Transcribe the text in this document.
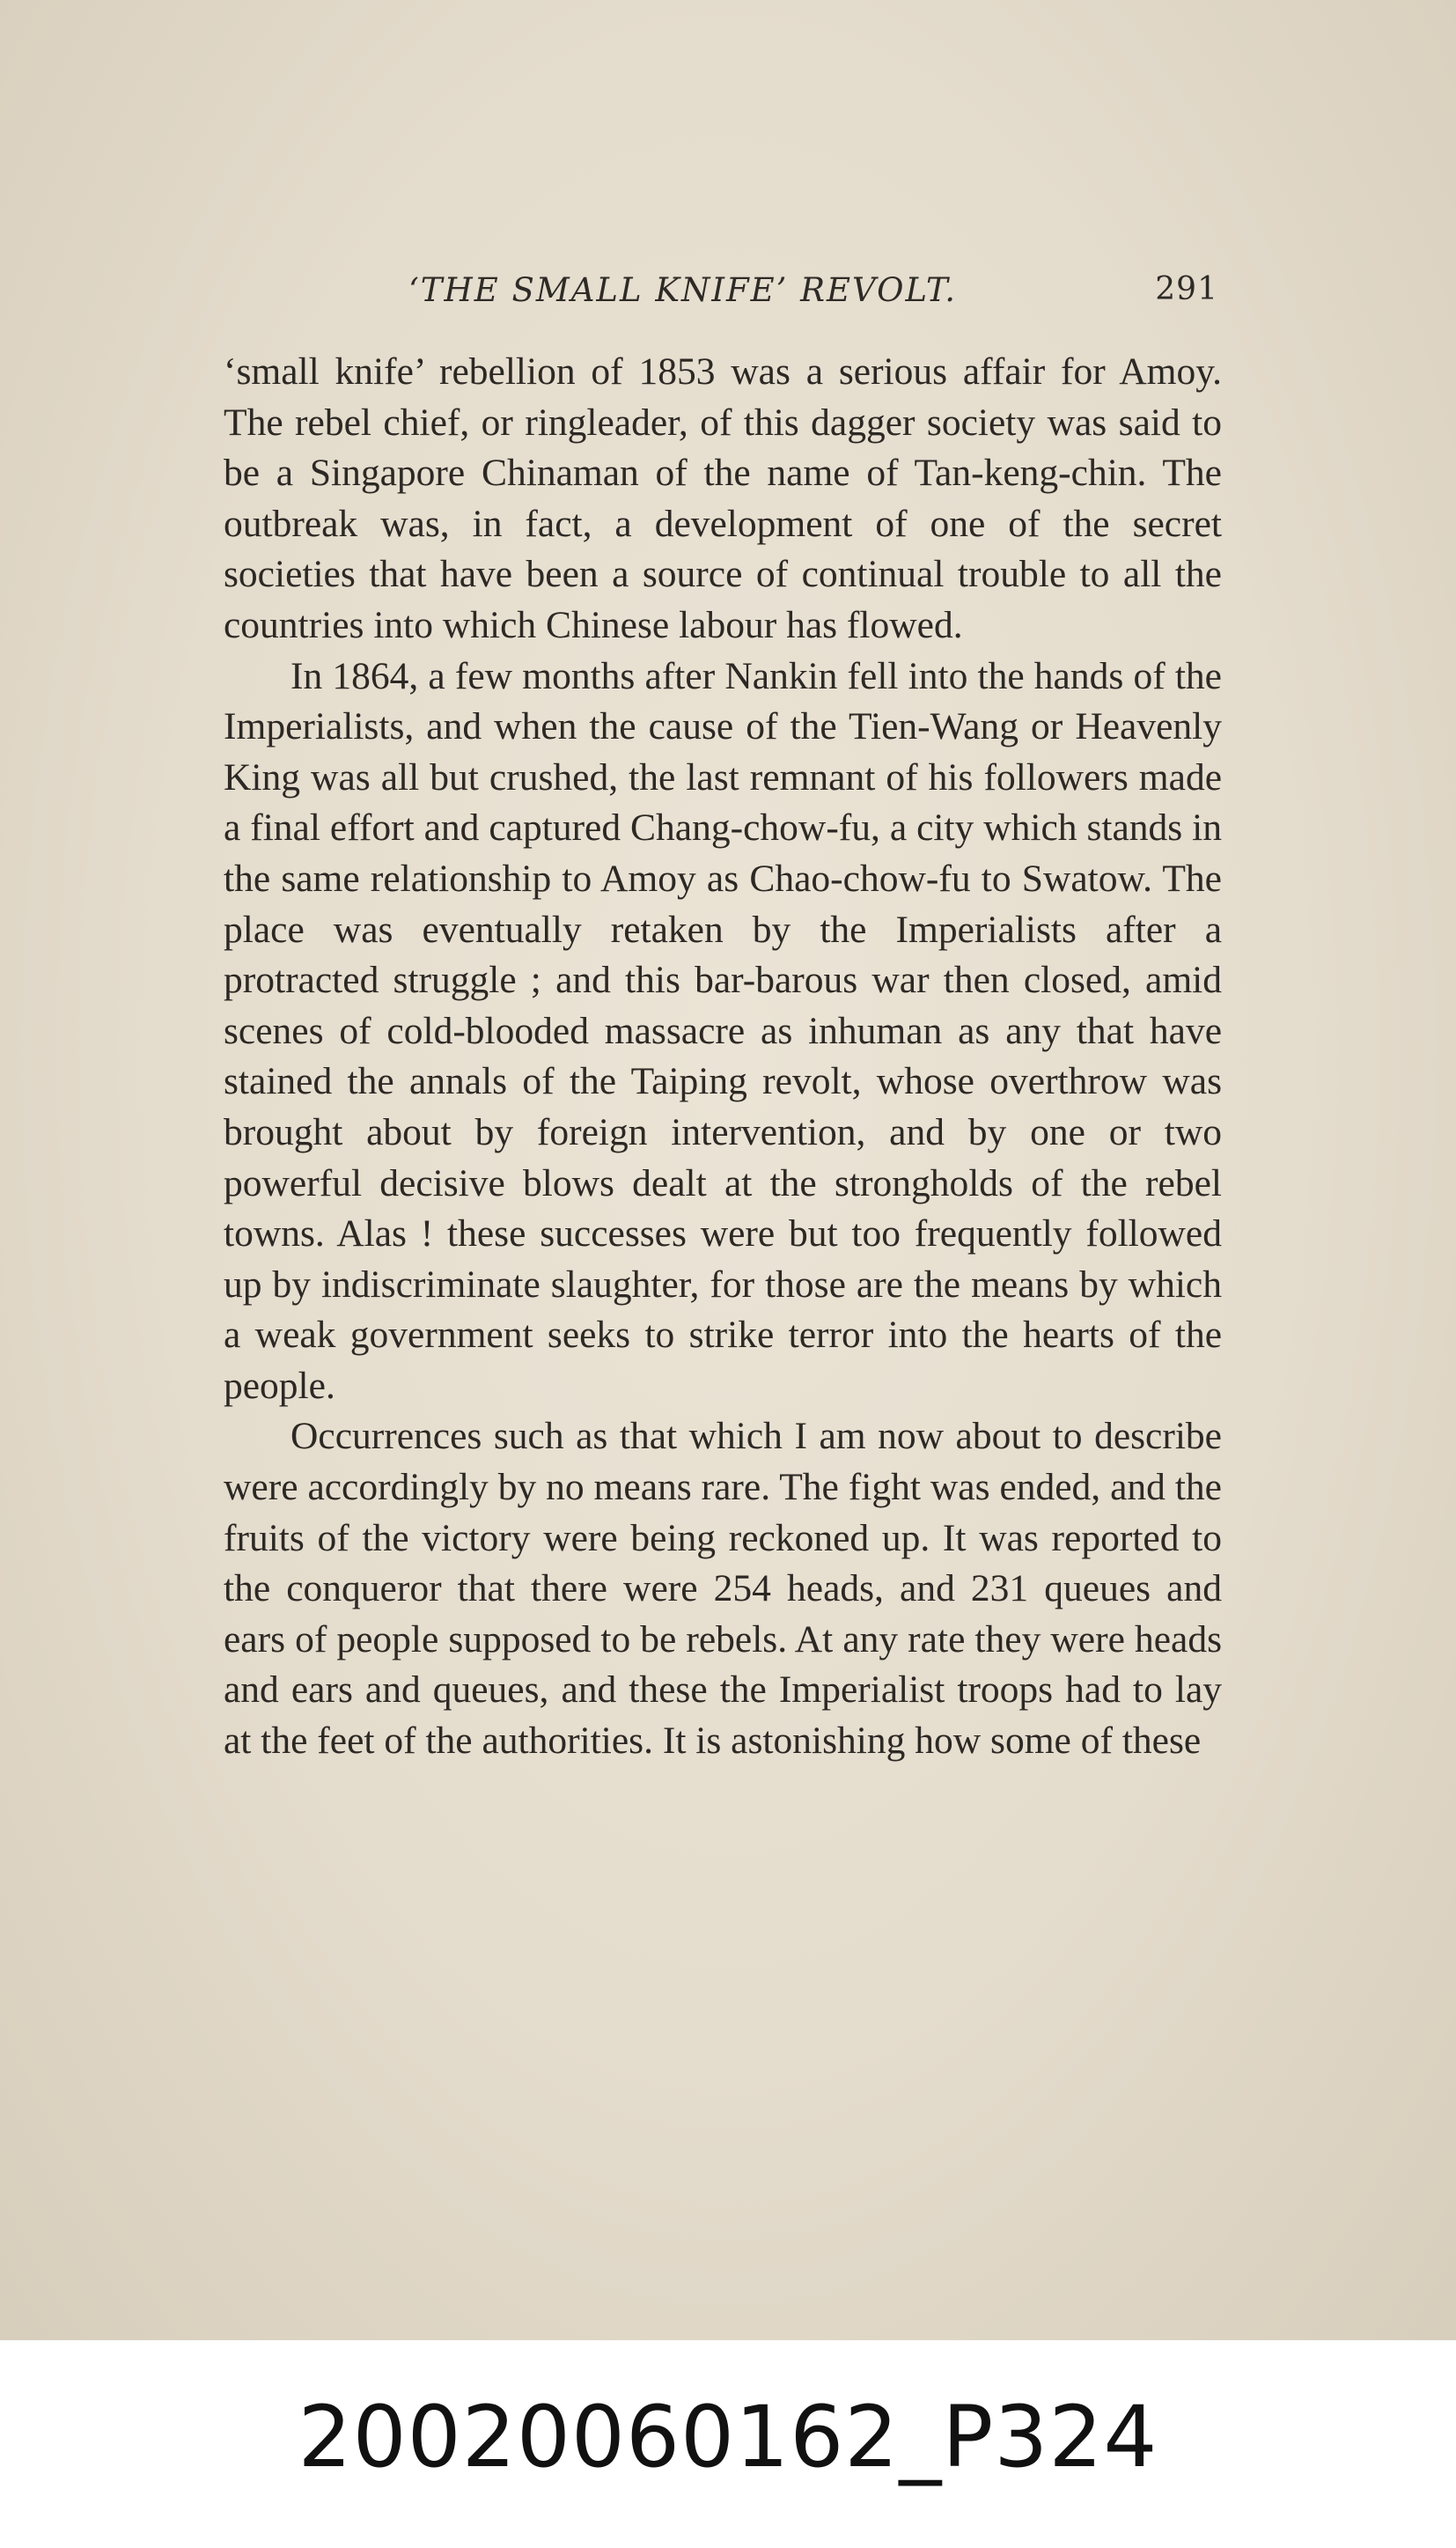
‘THE SMALL KNIFE’ REVOLT.	291

‘small knife’ rebellion of 1853 was a serious affair for Amoy. The rebel chief, or ringleader, of this dagger society was said to be a Singapore Chinaman of the name of Tan-keng-chin. The outbreak was, in fact, a development of one of the secret societies that have been a source of continual trouble to all the countries into which Chinese labour has flowed.

In 1864, a few months after Nankin fell into the hands of the Imperialists, and when the cause of the Tien-Wang or Heavenly King was all but crushed, the last remnant of his followers made a final effort and captured Chang-chow-fu, a city which stands in the same relationship to Amoy as Chao-chow-fu to Swatow. The place was eventually retaken by the Imperialists after a protracted struggle ; and this bar-barous war then closed, amid scenes of cold-blooded massacre as inhuman as any that have stained the annals of the Taiping revolt, whose overthrow was brought about by foreign intervention, and by one or two powerful decisive blows dealt at the strongholds of the rebel towns. Alas ! these successes were but too frequently followed up by indiscriminate slaughter, for those are the means by which a weak government seeks to strike terror into the hearts of the people.

Occurrences such as that which I am now about to describe were accordingly by no means rare. The fight was ended, and the fruits of the victory were being reckoned up. It was reported to the conqueror that there were 254 heads, and 231 queues and ears of people supposed to be rebels. At any rate they were heads and ears and queues, and these the Imperialist troops had to lay at the feet of the authorities. It is astonishing how some of these

20020060162_P324
